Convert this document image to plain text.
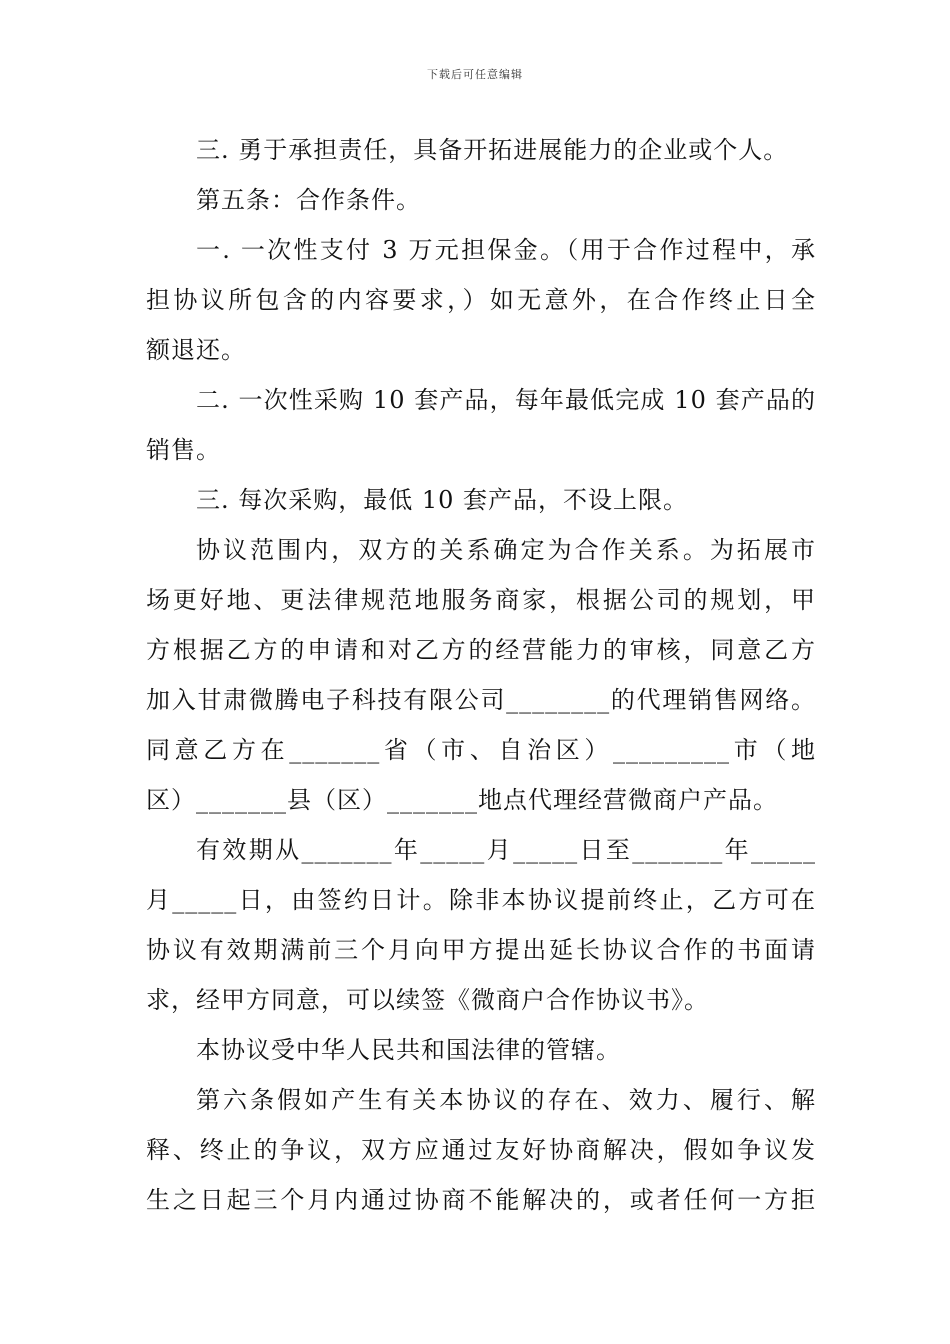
下载后可任意编辑
三. 勇于承担责任，具备开拓进展能力的企业或个人。
第五条：合作条件。
一. 一次性支付 3 万元担保金。（用于合作过程中，承
担协议所包含的内容要求，）如无意外，在合作终止日全
额退还。
二. 一次性采购 10 套产品，每年最低完成 10 套产品的
销售。
三. 每次采购，最低 10 套产品，不设上限。
协议范围内，双方的关系确定为合作关系。为拓展市
场更好地、更法律规范地服务商家，根据公司的规划，甲
方根据乙方的申请和对乙方的经营能力的审核，同意乙方
加入甘肃微腾电子科技有限公司________的代理销售网络。
同意乙方在_______省（市、自治区）_________市（地
区）_______县（区）_______地点代理经营微商户产品。
有效期从_______年_____月_____日至_______年_____
月_____日，由签约日计。除非本协议提前终止，乙方可在
协议有效期满前三个月向甲方提出延长协议合作的书面请
求，经甲方同意，可以续签《微商户合作协议书》。
本协议受中华人民共和国法律的管辖。
第六条假如产生有关本协议的存在、效力、履行、解
释、终止的争议，双方应通过友好协商解决，假如争议发
生之日起三个月内通过协商不能解决的，或者任何一方拒
